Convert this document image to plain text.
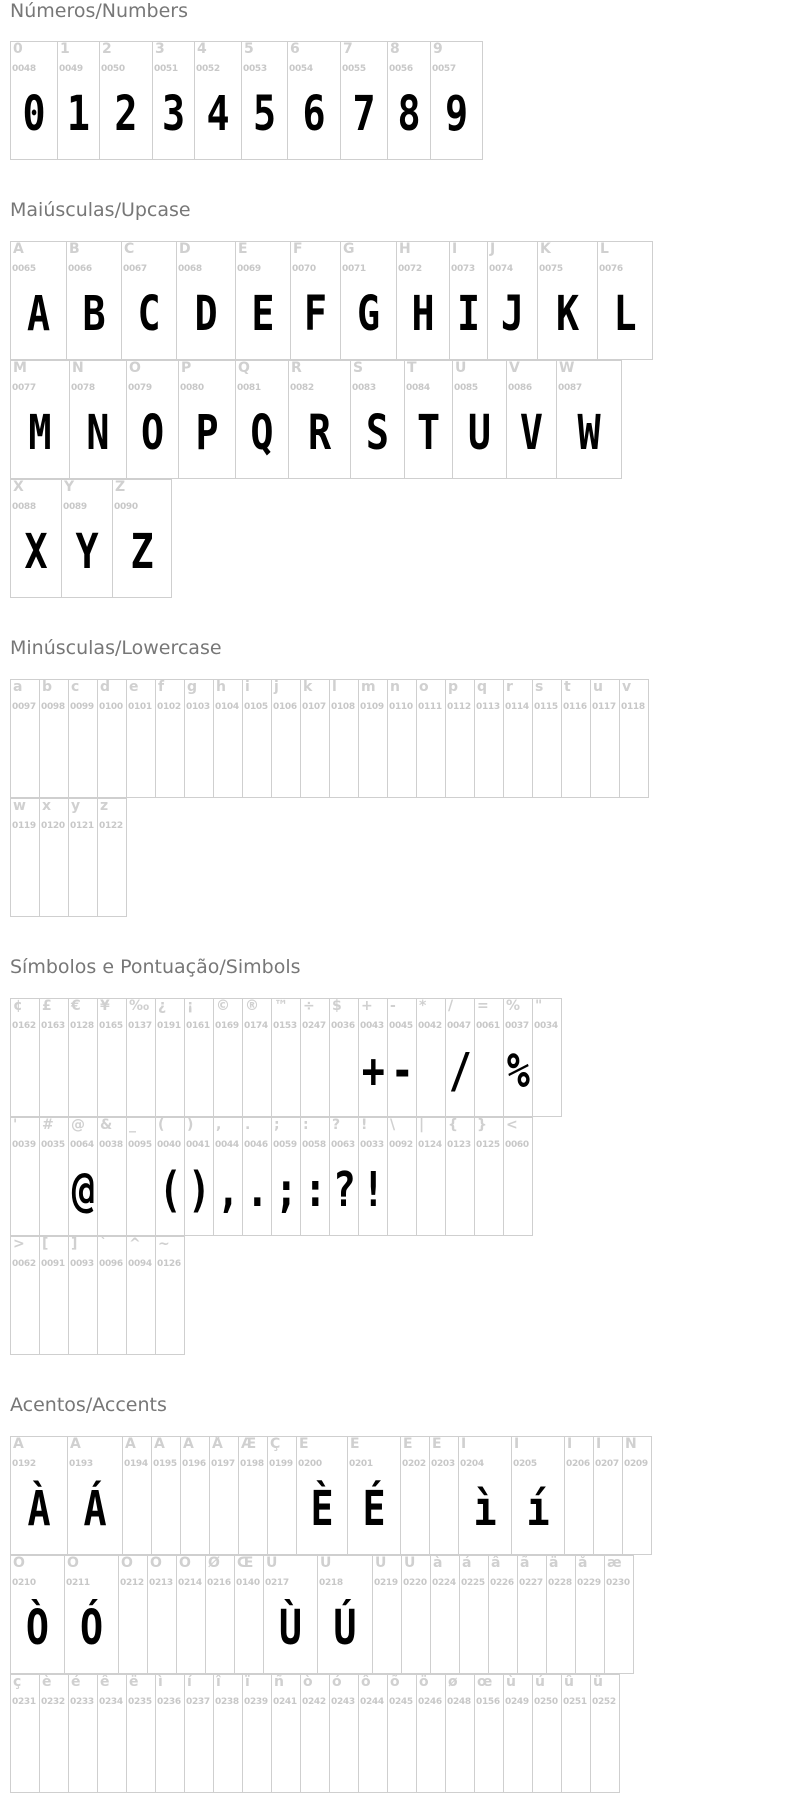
Números/Numbers
0
0048
0
1
0049
1
2
0050
2
3
0051
3
4
0052
4
5
0053
5
6
0054
6
7
0055
7
8
0056
8
9
0057
9
Maiúsculas/Upcase
A
0065
A
B
0066
B
C
0067
C
D
0068
D
E
0069
E
F
0070
F
G
0071
G
H
0072
H
I
0073
I
J
0074
J
K
0075
K
L
0076
L
M
0077
M
N
0078
N
O
0079
O
P
0080
P
Q
0081
Q
R
0082
R
S
0083
S
T
0084
T
U
0085
U
V
0086
V
W
0087
W
X
0088
X
Y
0089
Y
Z
0090
Z
Minúsculas/Lowercase
a
0097
b
0098
c
0099
d
0100
e
0101
f
0102
g
0103
h
0104
i
0105
j
0106
k
0107
l
0108
m
0109
n
0110
o
0111
p
0112
q
0113
r
0114
s
0115
t
0116
u
0117
v
0118
w
0119
x
0120
y
0121
z
0122
Símbolos e Pontuação/Simbols
¢
0162
£
0163
€
0128
¥
0165
‰
0137
¿
0191
¡
0161
©
0169
®
0174
™
0153
÷
0247
$
0036
+
0043
+
-
0045
-
*
0042
/
0047
/
=
0061
%
0037
%
"
0034
'
0039
#
0035
@
0064
@
&
0038
_
0095
(
0040
(
)
0041
)
,
0044
,
.
0046
.
;
0059
;
:
0058
:
?
0063
?
!
0033
!
\
0092
|
0124
{
0123
}
0125
<
0060
>
0062
[
0091
]
0093
`
0096
^
0094
~
0126
Acentos/Accents
À
0192
À
Á
0193
Á
Â
0194
Ã
0195
Ä
0196
Å
0197
Æ
0198
Ç
0199
È
0200
È
É
0201
É
Ê
0202
Ë
0203
Ì
0204
ì
Í
0205
í
Î
0206
Ï
0207
Ñ
0209
Ò
0210
Ò
Ó
0211
Ó
Ô
0212
Õ
0213
Ö
0214
Ø
0216
Œ
0140
Ù
0217
Ù
Ú
0218
Ú
Û
0219
Ü
0220
à
0224
á
0225
â
0226
ã
0227
ä
0228
å
0229
æ
0230
ç
0231
è
0232
é
0233
ê
0234
ë
0235
ì
0236
í
0237
î
0238
ï
0239
ñ
0241
ò
0242
ó
0243
ô
0244
õ
0245
ö
0246
ø
0248
œ
0156
ù
0249
ú
0250
û
0251
ü
0252
